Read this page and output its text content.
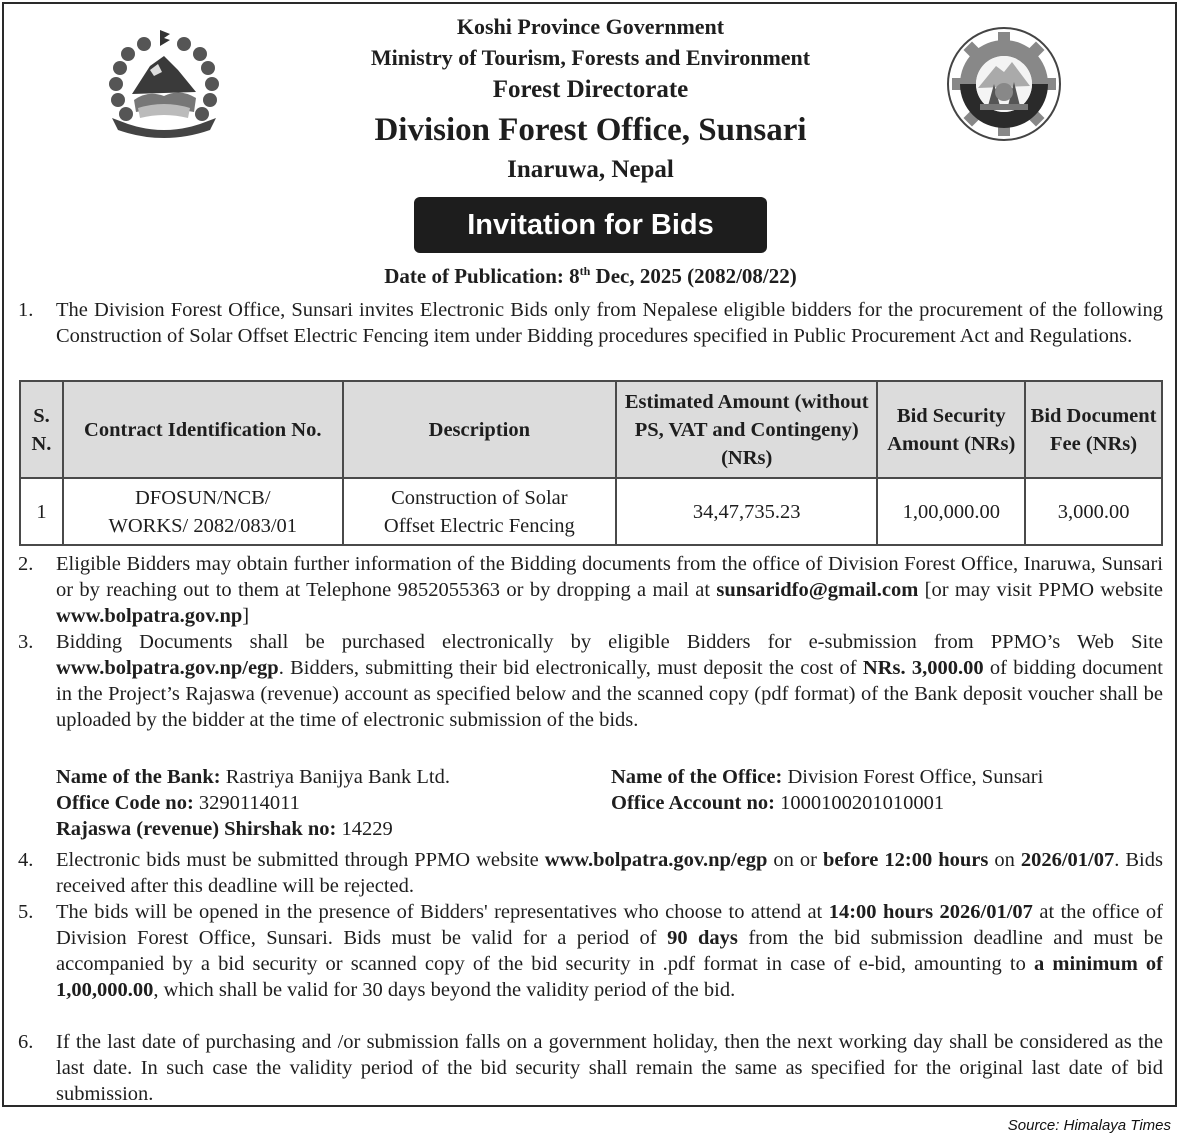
Koshi Province Government
Ministry of Tourism, Forests and Environment
Forest Directorate
Division Forest Office, Sunsari
Inaruwa, Nepal
Invitation for Bids
Date of Publication: 8th Dec, 2025 (2082/08/22)
1. The Division Forest Office, Sunsari invites Electronic Bids only from Nepalese eligible bidders for the procurement of the following Construction of Solar Offset Electric Fencing item under Bidding procedures specified in Public Procurement Act and Regulations.
S. N.	Contract Identification No.	Description	Estimated Amount (without PS, VAT and Contingeny) (NRs)	Bid Security Amount (NRs)	Bid Document Fee (NRs)
1	DFOSUN/NCB/ WORKS/ 2082/083/01	Construction of Solar Offset Electric Fencing	34,47,735.23	1,00,000.00	3,000.00
2. Eligible Bidders may obtain further information of the Bidding documents from the office of Division Forest Office, Inaruwa, Sunsari or by reaching out to them at Telephone 9852055363 or by dropping a mail at sunsaridfo@gmail.com [or may visit PPMO website www.bolpatra.gov.np]
3. Bidding Documents shall be purchased electronically by eligible Bidders for e-submission from PPMO’s Web Site www.bolpatra.gov.np/egp. Bidders, submitting their bid electronically, must deposit the cost of NRs. 3,000.00 of bidding document in the Project’s Rajaswa (revenue) account as specified below and the scanned copy (pdf format) of the Bank deposit voucher shall be uploaded by the bidder at the time of electronic submission of the bids.
Name of the Bank: Rastriya Banijya Bank Ltd.
Office Code no: 3290114011
Rajaswa (revenue) Shirshak no: 14229
Name of the Office: Division Forest Office, Sunsari
Office Account no: 1000100201010001
4. Electronic bids must be submitted through PPMO website www.bolpatra.gov.np/egp on or before 12:00 hours on 2026/01/07. Bids received after this deadline will be rejected.
5. The bids will be opened in the presence of Bidders' representatives who choose to attend at 14:00 hours 2026/01/07 at the office of Division Forest Office, Sunsari. Bids must be valid for a period of 90 days from the bid submission deadline and must be accompanied by a bid security or scanned copy of the bid security in .pdf format in case of e-bid, amounting to a minimum of 1,00,000.00, which shall be valid for 30 days beyond the validity period of the bid.
6. If the last date of purchasing and /or submission falls on a government holiday, then the next working day shall be considered as the last date. In such case the validity period of the bid security shall remain the same as specified for the original last date of bid submission.
Source: Himalaya Times
